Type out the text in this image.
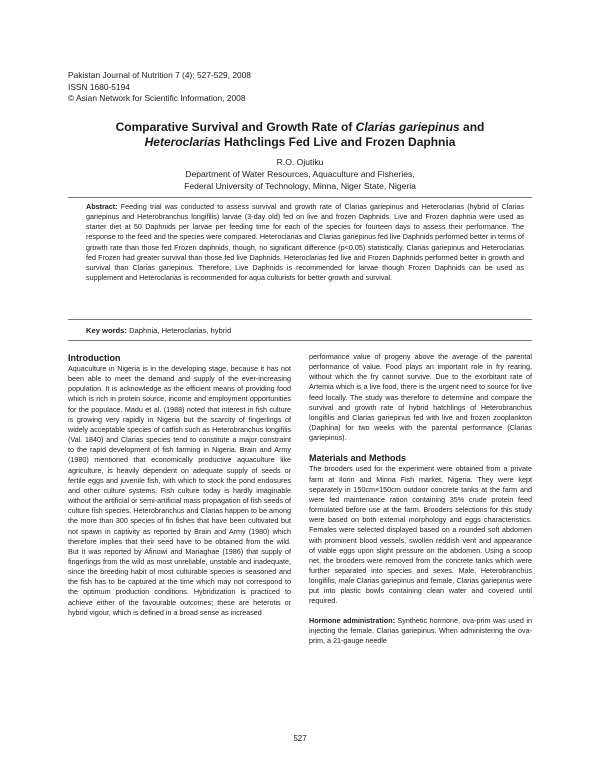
Pakistan Journal of Nutrition 7 (4): 527-529, 2008
ISSN 1680-5194
© Asian Network for Scientific Information, 2008
Comparative Survival and Growth Rate of Clarias gariepinus and
Heteroclarias Hathclings Fed Live and Frozen Daphnia
R.O. Ojutiku
Department of Water Resources, Aquaculture and Fisheries,
Federal University of Technology, Minna, Niger State, Nigeria
Abstract: Feeding trial was conducted to assess survival and growth rate of Clarias gariepinus and Heteroclarias (hybrid of Clarias gariepinus and Heterobranchus longifilis) larvae (3-day old) fed on live and frozen Daphnids. Live and Frozen daphnia were used as starter diet at 50 Daphnids per larvae per feeding time for each of the species for fourteen days to assess their performance. The response to the feed and the species were compared. Heteroclarias and Clarias gariepinus fed live Daphnids performed better in terms of growth rate than those fed Frozen daphnids, though, no significant difference (p<0.05) statistically. Clarias gariepinus and Heteroclarias fed Frozen had greater survival than those fed live Daphnids. Heteroclarias fed live and Frozen Daphnids performed better in growth and survival than Clarias gariepinus. Therefore, Live Daphnids is recommended for larvae though Frozen Daphnids can be used as supplement and Heteroclarias is recommended for aqua culturists for better growth and survival.
Key words: Daphnia, Heteroclarias, hybrid
Introduction

Aquaculture in Nigeria is in the developing stage, because it has not been able to meet the demand and supply of the ever-increasing population. It is acknowledge as the efficient means of providing food which is rich in protein source, income and employment opportunities for the populace. Madu et al. (1988) noted that interest in fish culture is growing very rapidly in Nigeria but the scarcity of fingerlings of widely acceptable species of catfish such as Heterobranchus longifilis (Val. 1840) and Clarias species tend to constitute a major constraint to the rapid development of fish farming in Nigeria. Brain and Army (1980) mentioned that economically productive aquaculture like agriculture, is heavily dependent on adequate supply of seeds or fertile eggs and juvenile fish, with which to stock the pond endosures and other culture systems. Fish culture today is hardly imaginable without the artificial or semi-artificial mass propagation of fish seeds of culture fish species. Heterobranchus and Clarias happen to be among the more than 300 species of fin fishes that have been cultivated but not spawn in captivity as reported by Brain and Army (1980) which therefore implies that their seed have to be obtained from the wild. But it was reported by Afinowi and Mariaghae (1986) that supply of fingerlings from the wild as most unreliable, unstable and inadequate, since the breeding habit of most culturable species is seasoned and the fish has to be captured at the time which may not correspond to the optimum production conditions. Hybridization is practiced to achieve either of the favourable outcomes; these are heterotis or hybrid vigour, which is defined in a broad sense as increased

performance value of progeny above the average of the parental performance of value. Food plays an important role in fry rearing, without which the fry cannot survive. Due to the exorbitant rate of Artemia which is a live food, there is the urgent need to source for live feed locally. The study was therefore to determine and compare the survival and growth rate of hybrid hatchlings of Heterobranchus longifilis and Clarias gariepinus fed with live and frozen zooplankton (Daphina) for two weeks with the parental performance (Clarias gariepinus).

Materials and Methods

The brooders used for the experiment were obtained from a private farm at Ilorin and Minna Fish market, Nigeria. They were kept separately in 150cm×150cm outdoor concrete tanks at the farm and were fed maintenance ration containing 35% crude protein feed formulated before use at the farm. Brooders selections for this study were based on both external morphology and eggs characteristics. Females were selected displayed based on a rounded soft abdomen with prominent blood vessels, swollen reddish vent and appearance of viable eggs upon slight pressure on the abdomen. Using a scoop net, the brooders were removed from the concrete tanks which were further separated into species and sexes. Male, Heterobranchus longifilis, male Clarias gariepinus and female, Clarias gariepinus were put into plastic bowls containing clean water and covered until required.

Hormone administration: Synthetic hormone, ova-prim was used in injecting the female, Clarias gariepinus. When administering the ova-prim, a 21-gauge needle

527
